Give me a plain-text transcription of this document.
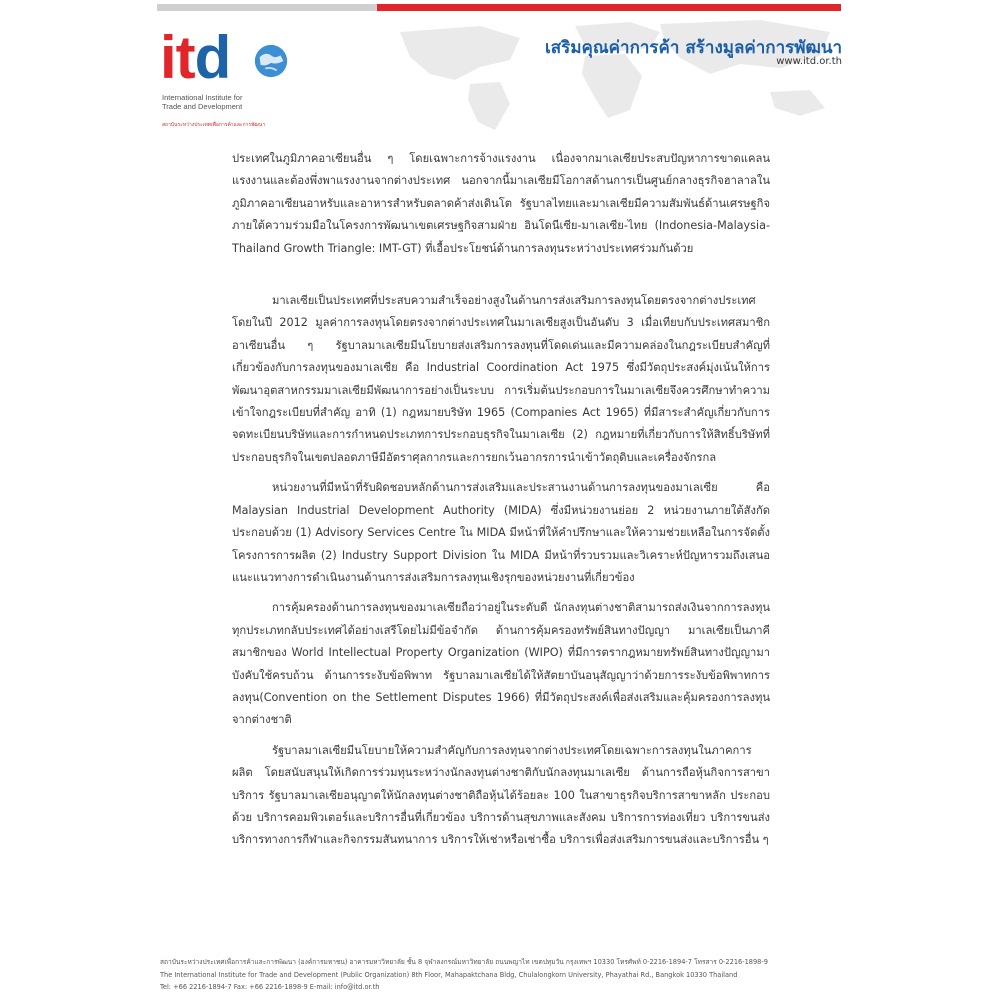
itd
International Institute for
Trade and Development
สถาบันระหว่างประเทศเพื่อการค้าและการพัฒนา
เสริมคุณค่าการค้า สร้างมูลค่าการพัฒนา
www.itd.or.th

ประเทศในภูมิภาคอาเซียนอื่น ๆ โดยเฉพาะการจ้างแรงงาน เนื่องจากมาเลเซียประสบปัญหาการขาดแคลนแรงงานและต้องพึ่งพาแรงงานจากต่างประเทศ นอกจากนี้มาเลเซียมีโอกาสด้านการเป็นศูนย์กลางธุรกิจฮาลาลในภูมิภาคอาเซียนอาหรับและอาหารสำหรับตลาดค้าส่งเดินโต รัฐบาลไทยและมาเลเซียมีความสัมพันธ์ด้านเศรษฐกิจภายใต้ความร่วมมือในโครงการพัฒนาเขตเศรษฐกิจสามฝ่าย อินโดนีเซีย-มาเลเซีย-ไทย (Indonesia-Malaysia-Thailand Growth Triangle: IMT-GT) ที่เอื้อประโยชน์ด้านการลงทุนระหว่างประเทศร่วมกันด้วย

มาเลเซียเป็นประเทศที่ประสบความสำเร็จอย่างสูงในด้านการส่งเสริมการลงทุนโดยตรงจากต่างประเทศ โดยในปี 2012 มูลค่าการลงทุนโดยตรงจากต่างประเทศในมาเลเซียสูงเป็นอันดับ 3 เมื่อเทียบกับประเทศสมาชิกอาเซียนอื่น ๆ รัฐบาลมาเลเซียมีนโยบายส่งเสริมการลงทุนที่โดดเด่นและมีความคล่องในกฎระเบียบสำคัญที่เกี่ยวข้องกับการลงทุนของมาเลเซีย คือ Industrial Coordination Act 1975 ซึ่งมีวัตถุประสงค์มุ่งเน้นให้การพัฒนาอุตสาหกรรมมาเลเซียมีพัฒนาการอย่างเป็นระบบ การเริ่มต้นประกอบการในมาเลเซียจึงควรศึกษาทำความเข้าใจกฎระเบียบที่สำคัญ อาทิ (1) กฎหมายบริษัท 1965 (Companies Act 1965) ที่มีสาระสำคัญเกี่ยวกับการจดทะเบียนบริษัทและการกำหนดประเภทการประกอบธุรกิจในมาเลเซีย (2) กฎหมายที่เกี่ยวกับการให้สิทธิ์บริษัทที่ประกอบธุรกิจในเขตปลอดภาษีมีอัตราศุลกากรและการยกเว้นอากรการนำเข้าวัตถุดิบและเครื่องจักรกล

หน่วยงานที่มีหน้าที่รับผิดชอบหลักด้านการส่งเสริมและประสานงานด้านการลงทุนของมาเลเซีย คือ Malaysian Industrial Development Authority (MIDA) ซึ่งมีหน่วยงานย่อย 2 หน่วยงานภายใต้สังกัด ประกอบด้วย (1) Advisory Services Centre ใน MIDA มีหน้าที่ให้คำปรึกษาและให้ความช่วยเหลือในการจัดตั้งโครงการการผลิต (2) Industry Support Division ใน MIDA มีหน้าที่รวบรวมและวิเคราะห์ปัญหารวมถึงเสนอแนะแนวทางการดำเนินงานด้านการส่งเสริมการลงทุนเชิงรุกของหน่วยงานที่เกี่ยวข้อง

การคุ้มครองด้านการลงทุนของมาเลเซียถือว่าอยู่ในระดับดี นักลงทุนต่างชาติสามารถส่งเงินจากการลงทุนทุกประเภทกลับประเทศได้อย่างเสรีโดยไม่มีข้อจำกัด ด้านการคุ้มครองทรัพย์สินทางปัญญา มาเลเซียเป็นภาคีสมาชิกของ World Intellectual Property Organization (WIPO) ที่มีการตรากฎหมายทรัพย์สินทางปัญญามาบังคับใช้ครบถ้วน ด้านการระงับข้อพิพาท รัฐบาลมาเลเซียได้ให้สัตยาบันอนุสัญญาว่าด้วยการระงับข้อพิพาทการลงทุน(Convention on the Settlement Disputes 1966) ที่มีวัตถุประสงค์เพื่อส่งเสริมและคุ้มครองการลงทุนจากต่างชาติ

รัฐบาลมาเลเซียมีนโยบายให้ความสำคัญกับการลงทุนจากต่างประเทศโดยเฉพาะการลงทุนในภาคการผลิต โดยสนับสนุนให้เกิดการร่วมทุนระหว่างนักลงทุนต่างชาติกับนักลงทุนมาเลเซีย ด้านการถือหุ้นกิจการสาขาบริการ รัฐบาลมาเลเซียอนุญาตให้นักลงทุนต่างชาติถือหุ้นได้ร้อยละ 100 ในสาขาธุรกิจบริการสาขาหลัก ประกอบด้วย บริการคอมพิวเตอร์และบริการอื่นที่เกี่ยวข้อง บริการด้านสุขภาพและสังคม บริการการท่องเที่ยว บริการขนส่ง บริการทางการกีฬาและกิจกรรมสันทนาการ บริการให้เช่าหรือเช่าซื้อ บริการเพื่อส่งเสริมการขนส่งและบริการอื่น ๆ

สถาบันระหว่างประเทศเพื่อการค้าและการพัฒนา (องค์การมหาชน) อาคารมหาวิทยาลัย ชั้น 8 จุฬาลงกรณ์มหาวิทยาลัย ถนนพญาไท เขตปทุมวัน กรุงเทพฯ 10330 โทรศัพท์ 0-2216-1894-7 โทรสาร 0-2216-1898-9
The International Institute for Trade and Development (Public Organization) 8th Floor, Mahapaktchana Bldg, Chulalongkorn University, Phayathai Rd., Bangkok 10330 Thailand
Tel: +66 2216-1894-7 Fax: +66 2216-1898-9 E-mail: info@itd.or.th
